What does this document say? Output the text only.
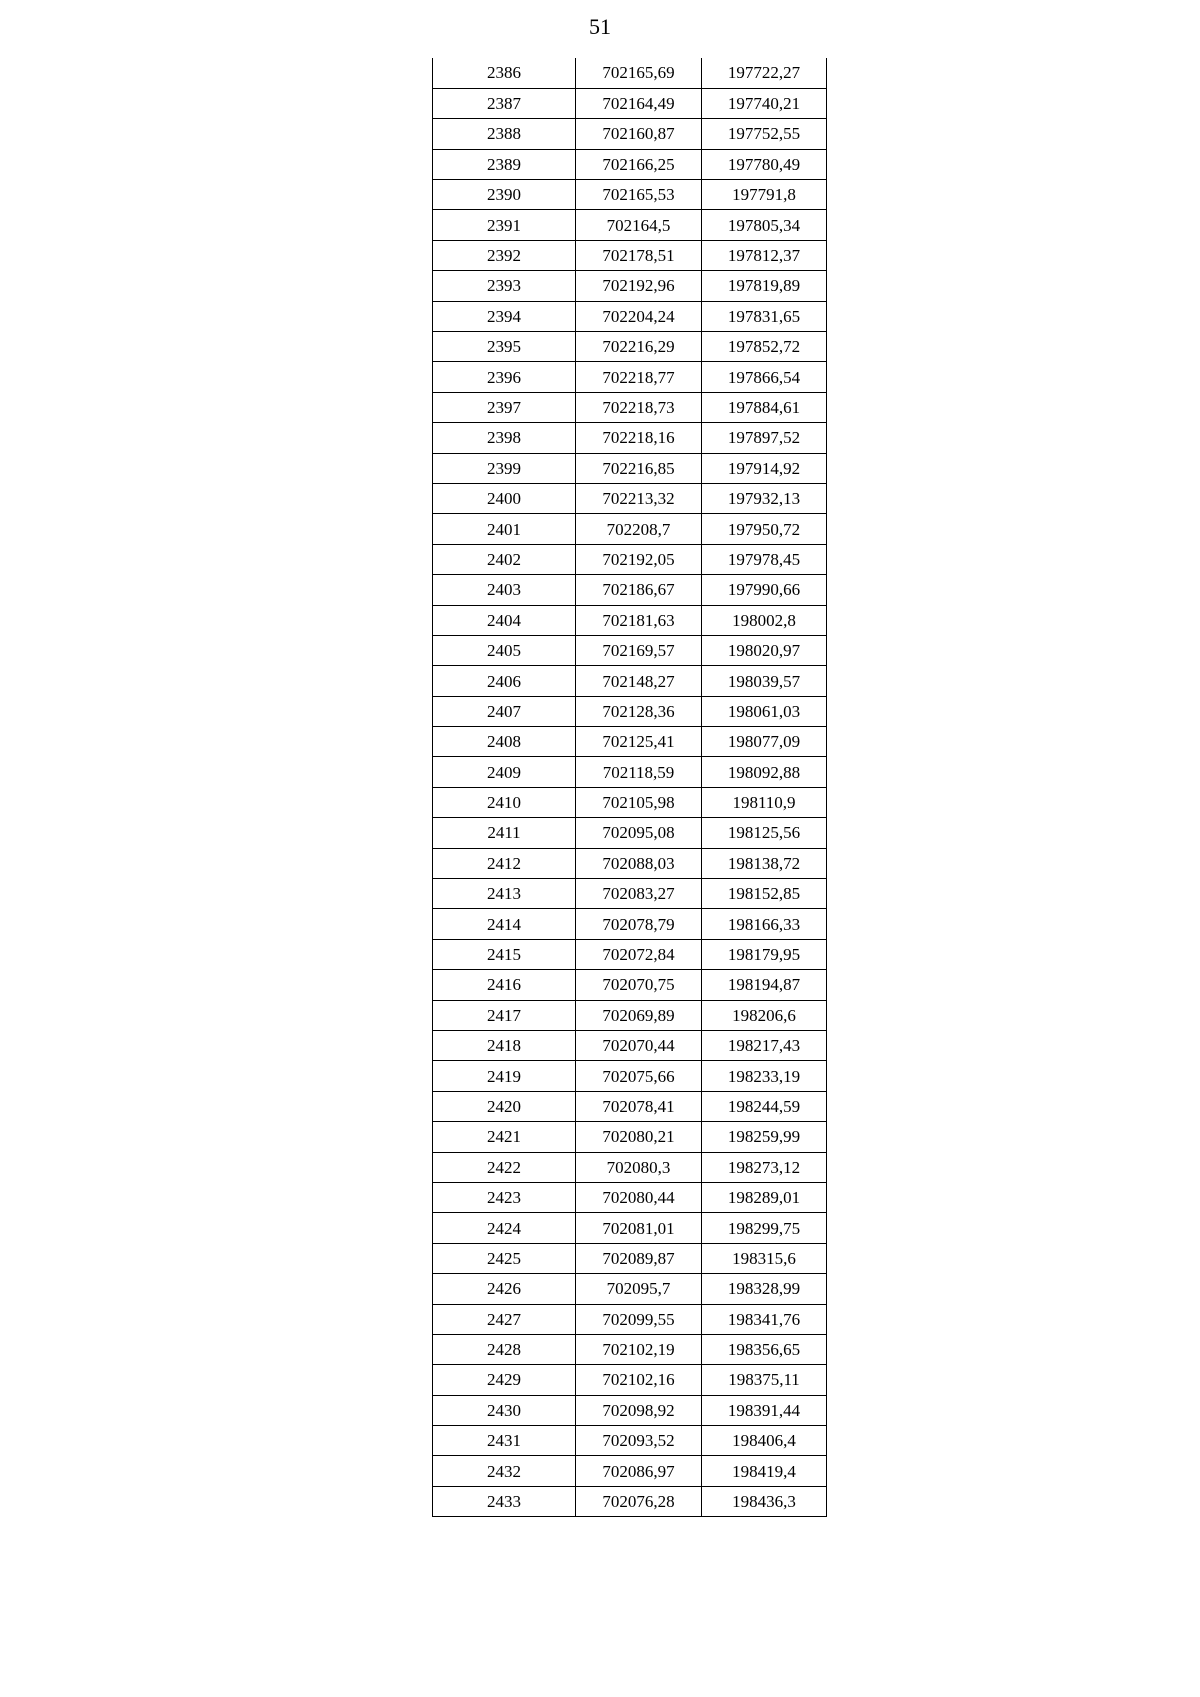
51
2386	702165,69	197722,27
2387	702164,49	197740,21
2388	702160,87	197752,55
2389	702166,25	197780,49
2390	702165,53	197791,8
2391	702164,5	197805,34
2392	702178,51	197812,37
2393	702192,96	197819,89
2394	702204,24	197831,65
2395	702216,29	197852,72
2396	702218,77	197866,54
2397	702218,73	197884,61
2398	702218,16	197897,52
2399	702216,85	197914,92
2400	702213,32	197932,13
2401	702208,7	197950,72
2402	702192,05	197978,45
2403	702186,67	197990,66
2404	702181,63	198002,8
2405	702169,57	198020,97
2406	702148,27	198039,57
2407	702128,36	198061,03
2408	702125,41	198077,09
2409	702118,59	198092,88
2410	702105,98	198110,9
2411	702095,08	198125,56
2412	702088,03	198138,72
2413	702083,27	198152,85
2414	702078,79	198166,33
2415	702072,84	198179,95
2416	702070,75	198194,87
2417	702069,89	198206,6
2418	702070,44	198217,43
2419	702075,66	198233,19
2420	702078,41	198244,59
2421	702080,21	198259,99
2422	702080,3	198273,12
2423	702080,44	198289,01
2424	702081,01	198299,75
2425	702089,87	198315,6
2426	702095,7	198328,99
2427	702099,55	198341,76
2428	702102,19	198356,65
2429	702102,16	198375,11
2430	702098,92	198391,44
2431	702093,52	198406,4
2432	702086,97	198419,4
2433	702076,28	198436,3
